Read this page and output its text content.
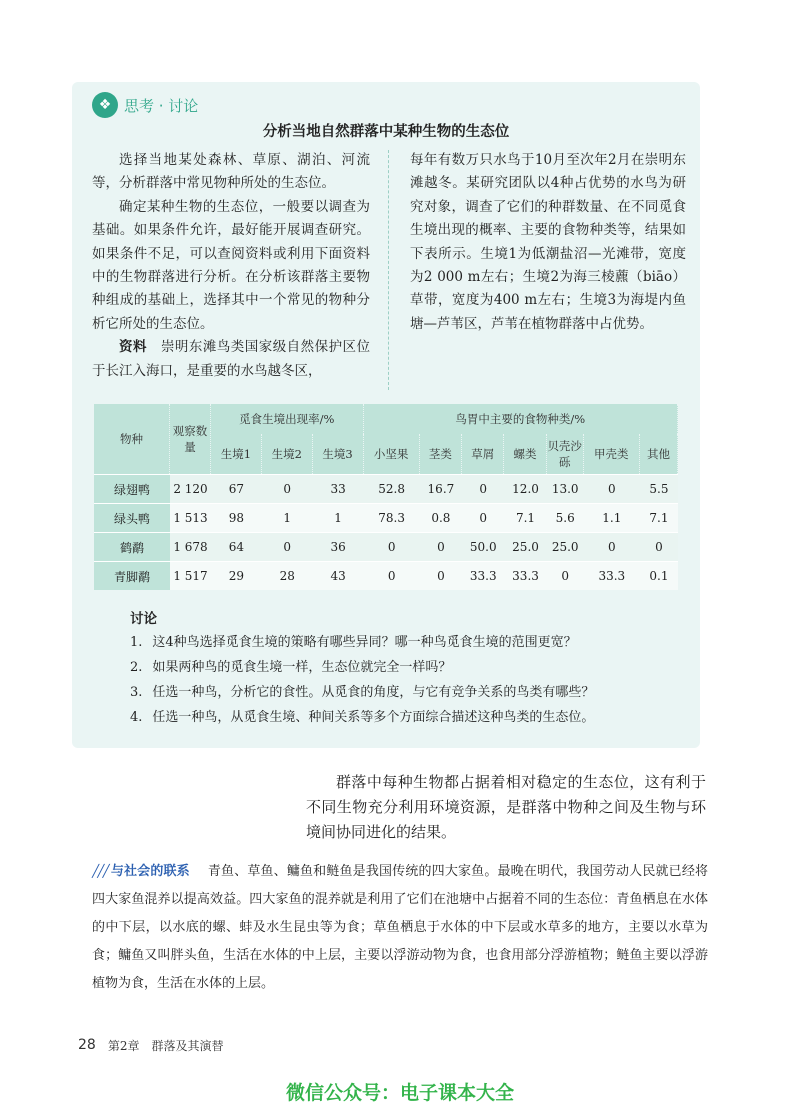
❖ 思考 · 讨论
分析当地自然群落中某种生物的生态位

选择当地某处森林、草原、湖泊、河流等，分析群落中常见物种所处的生态位。

确定某种生物的生态位，一般要以调查为基础。如果条件允许，最好能开展调查研究。如果条件不足，可以查阅资料或利用下面资料中的生物群落进行分析。在分析该群落主要物种组成的基础上，选择其中一个常见的物种分析它所处的生态位。

资料　 崇明东滩鸟类国家级自然保护区位于长江入海口，是重要的水鸟越冬区，

每年有数万只水鸟于10月至次年2月在崇明东滩越冬。某研究团队以4种占优势的水鸟为研究对象，调查了它们的种群数量、在不同觅食生境出现的概率、主要的食物种类等，结果如下表所示。生境1为低潮盐沼—光滩带，宽度为2 000 m左右；生境2为海三棱藨（biāo）草带，宽度为400 m左右；生境3为海堤内鱼塘—芦苇区，芦苇在植物群落中占优势。

物种	观察数量	觅食生境出现率/%			鸟胃中主要的食物种类/%						
		生境1	生境2	生境3	小坚果	茎类	草屑	螺类	贝壳沙砾	甲壳类	其他
绿翅鸭	2 120	67	0	33	52.8	16.7	0	12.0	13.0	0	5.5
绿头鸭	1 513	98	1	1	78.3	0.8	0	7.1	5.6	1.1	7.1
鹤鹬	1 678	64	0	36	0	0	50.0	25.0	25.0	0	0
青脚鹬	1 517	29	28	43	0	0	33.3	33.3	0	33.3	0.1
讨论
1. 这4种鸟选择觅食生境的策略有哪些异同？哪一种鸟觅食生境的范围更宽？
2. 如果两种鸟的觅食生境一样，生态位就完全一样吗？
3. 任选一种鸟，分析它的食性。从觅食的角度，与它有竞争关系的鸟类有哪些？
4. 任选一种鸟，从觅食生境、种间关系等多个方面综合描述这种鸟类的生态位。

群落中每种生物都占据着相对稳定的生态位，这有利于不同生物充分利用环境资源，是群落中物种之间及生物与环境间协同进化的结果。

╱╱╱ 与社会的联系 青鱼、草鱼、鳙鱼和鲢鱼是我国传统的四大家鱼。最晚在明代，我国劳动人民就已经将四大家鱼混养以提高效益。四大家鱼的混养就是利用了它们在池塘中占据着不同的生态位：青鱼栖息在水体的中下层，以水底的螺、蚌及水生昆虫等为食；草鱼栖息于水体的中下层或水草多的地方，主要以水草为食；鳙鱼又叫胖头鱼，生活在水体的中上层，主要以浮游动物为食，也食用部分浮游植物；鲢鱼主要以浮游植物为食，生活在水体的上层。
28 第2章 群落及其演替
微信公众号：电子课本大全
